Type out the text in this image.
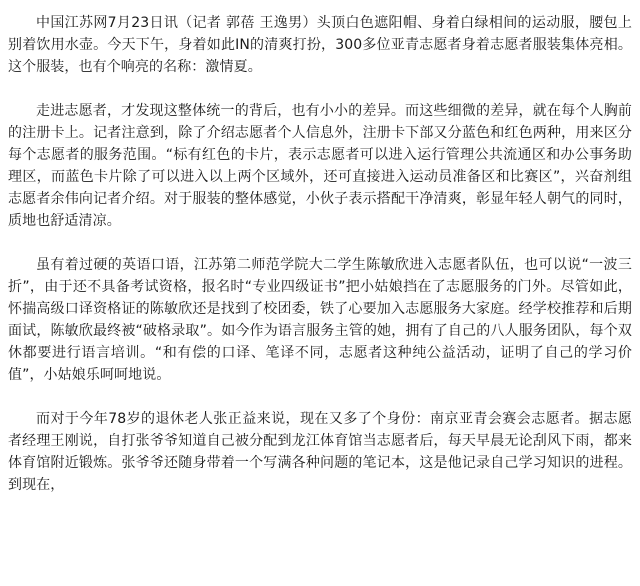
中国江苏网7月23日讯（记者 郭蓓 王逸男）头顶白色遮阳帽、身着白绿相间的运动服，腰包上别着饮用水壶。今天下午，身着如此IN的清爽打扮，300多位亚青志愿者身着志愿者服装集体亮相。这个服装，也有个响亮的名称：激情夏。

走进志愿者，才发现这整体统一的背后，也有小小的差异。而这些细微的差异，就在每个人胸前的注册卡上。记者注意到，除了介绍志愿者个人信息外，注册卡下部又分蓝色和红色两种，用来区分每个志愿者的服务范围。“标有红色的卡片，表示志愿者可以进入运行管理公共流通区和办公事务助理区，而蓝色卡片除了可以进入以上两个区域外，还可直接进入运动员准备区和比赛区”，兴奋剂组志愿者余伟向记者介绍。对于服装的整体感觉，小伙子表示搭配干净清爽，彰显年轻人朝气的同时，质地也舒适清凉。

虽有着过硬的英语口语，江苏第二师范学院大二学生陈敏欣进入志愿者队伍，也可以说“一波三折”，由于还不具备考试资格，报名时“专业四级证书”把小姑娘挡在了志愿服务的门外。尽管如此，怀揣高级口译资格证的陈敏欣还是找到了校团委，铁了心要加入志愿服务大家庭。经学校推荐和后期面试，陈敏欣最终被“破格录取”。如今作为语言服务主管的她，拥有了自己的八人服务团队，每个双休都要进行语言培训。“和有偿的口译、笔译不同，志愿者这种纯公益活动，证明了自己的学习价值”，小姑娘乐呵呵地说。

而对于今年78岁的退休老人张正益来说，现在又多了个身份：南京亚青会赛会志愿者。据志愿者经理王刚说，自打张爷爷知道自己被分配到龙江体育馆当志愿者后，每天早晨无论刮风下雨，都来体育馆附近锻炼。张爷爷还随身带着一个写满各种问题的笔记本，这是他记录自己学习知识的进程。到现在，
